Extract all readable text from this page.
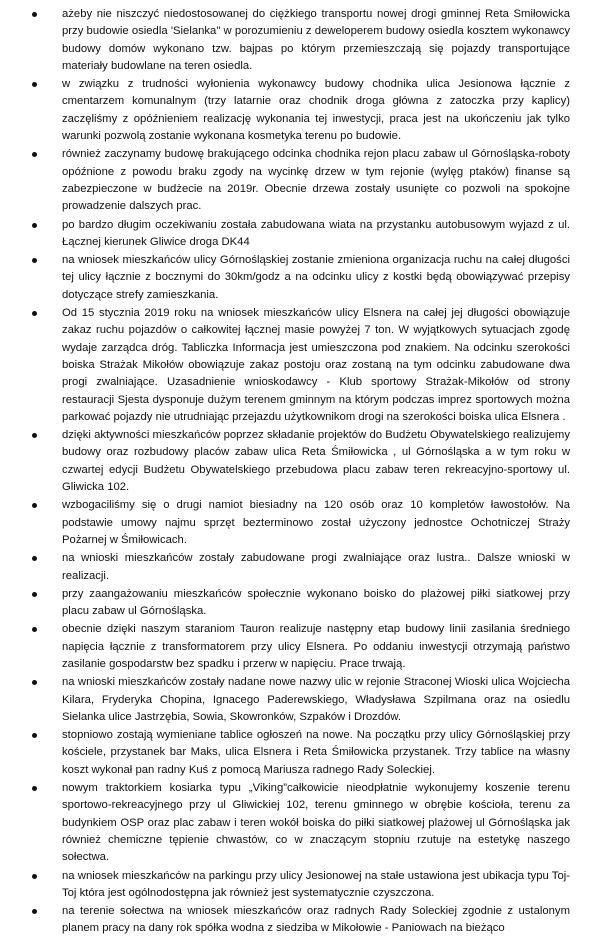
ażeby nie niszczyć niedostosowanej do ciężkiego transportu nowej drogi gminnej Reta Smiłowicka przy budowie osiedla 'Sielanka" w porozumieniu z deweloperem budowy osiedla kosztem wykonawcy budowy domów wykonano tzw. bajpas po którym przemieszczają się pojazdy transportujące materiały budowlane na teren osiedla.
w związku z trudności wyłonienia wykonawcy budowy chodnika ulica Jesionowa łącznie z cmentarzem komunalnym (trzy latarnie oraz chodnik droga główna z zatoczka przy kaplicy) zaczęliśmy z opóźnieniem realizację wykonania tej inwestycji, praca jest na ukończeniu jak tylko warunki pozwolą zostanie wykonana kosmetyka terenu po budowie.
również zaczynamy budowę brakującego odcinka chodnika rejon placu zabaw ul Górnośląska-roboty opóźnione z powodu braku zgody na wycinkę drzew w tym rejonie (wylęg ptaków) finanse są zabezpieczone w budżecie na 2019r. Obecnie drzewa zostały usunięte co pozwoli na spokojne prowadzenie dalszych prac.
po bardzo długim oczekiwaniu została zabudowana wiata na przystanku autobusowym wyjazd z ul. Łącznej kierunek Gliwice droga DK44
na wniosek mieszkańców ulicy Górnośląskiej zostanie zmieniona organizacja ruchu na całej długości tej ulicy łącznie z bocznymi do 30km/godz a na odcinku ulicy z kostki będą obowiązywać przepisy dotyczące strefy zamieszkania.
Od 15 stycznia 2019 roku na wniosek mieszkańców ulicy Elsnera na całej jej długości obowiązuje zakaz ruchu pojazdów o całkowitej łącznej masie powyżej 7 ton. W wyjątkowych sytuacjach zgodę wydaje zarządca dróg. Tabliczka Informacja jest umieszczona pod znakiem. Na odcinku szerokości boiska Strażak Mikołów obowiązuje zakaz postoju oraz zostaną na tym odcinku zabudowane dwa progi zwalniające. Uzasadnienie wnioskodawcy - Klub sportowy Strażak-Mikołów od strony restauracji Sjesta dysponuje dużym terenem gminnym na którym podczas imprez sportowych można parkować pojazdy nie utrudniając przejazdu użytkownikom drogi na szerokości boiska ulica Elsnera .
dzięki aktywności mieszkańców poprzez składanie projektów do Budżetu Obywatelskiego realizujemy budowy oraz rozbudowy placów zabaw ulica Reta Śmiłowicka , ul Górnośląska a w tym roku w czwartej edycji Budżetu Obywatelskiego przebudowa placu zabaw teren rekreacyjno-sportowy ul. Gliwicka 102.
wzbogaciliśmy się o drugi namiot biesiadny na 120 osób oraz 10 kompletów ławostołów. Na podstawie umowy najmu sprzęt bezterminowo został użyczony jednostce Ochotniczej Straży Pożarnej w Śmiłowicach.
na wnioski mieszkańców zostały zabudowane progi zwalniające oraz lustra.. Dalsze wnioski w realizacji.
przy zaangażowaniu mieszkańców społecznie wykonano boisko do plażowej piłki siatkowej przy placu zabaw ul Górnośląska.
obecnie dzięki naszym staraniom Tauron realizuje następny etap budowy linii zasilania średniego napięcia łącznie z transformatorem przy ulicy Elsnera. Po oddaniu inwestycji otrzymają państwo zasilanie gospodarstw bez spadku i przerw w napięciu. Prace trwają.
na wnioski mieszkańców zostały nadane nowe nazwy ulic w rejonie Straconej Wioski ulica Wojciecha Kilara, Fryderyka Chopina, Ignacego Paderewskiego, Władysława Szpilmana oraz na osiedlu Sielanka ulice Jastrzębia, Sowia, Skowronków, Szpaków i Drozdów.
stopniowo zostają wymieniane tablice ogłoszeń na nowe. Na początku przy ulicy Górnośląskiej przy kościele, przystanek bar Maks, ulica Elsnera i Reta Śmiłowicka przystanek. Trzy tablice na własny koszt wykonał pan radny Kuś z pomocą Mariusza radnego Rady Soleckiej.
nowym traktorkiem kosiarka typu „Viking”całkowicie nieodpłatnie wykonujemy koszenie terenu sportowo-rekreacyjnego przy ul Gliwickiej 102, terenu gminnego w obrębie kościoła, terenu za budynkiem OSP oraz plac zabaw i teren wokół boiska do piłki siatkowej plażowej ul Górnośląska jak również chemiczne tępienie chwastów, co w znaczącym stopniu rzutuje na estetykę naszego sołectwa.
na wniosek mieszkańców na parkingu przy ulicy Jesionowej na stałe ustawiona jest ubikacja typu Toj-Toj która jest ogólnodostępna jak również jest systematycznie czyszczona.
na terenie sołectwa na wniosek mieszkańców oraz radnych Rady Soleckiej zgodnie z ustalonym planem pracy na dany rok spółka wodna z siedziba w Mikołowie - Paniowach na bieżąco
